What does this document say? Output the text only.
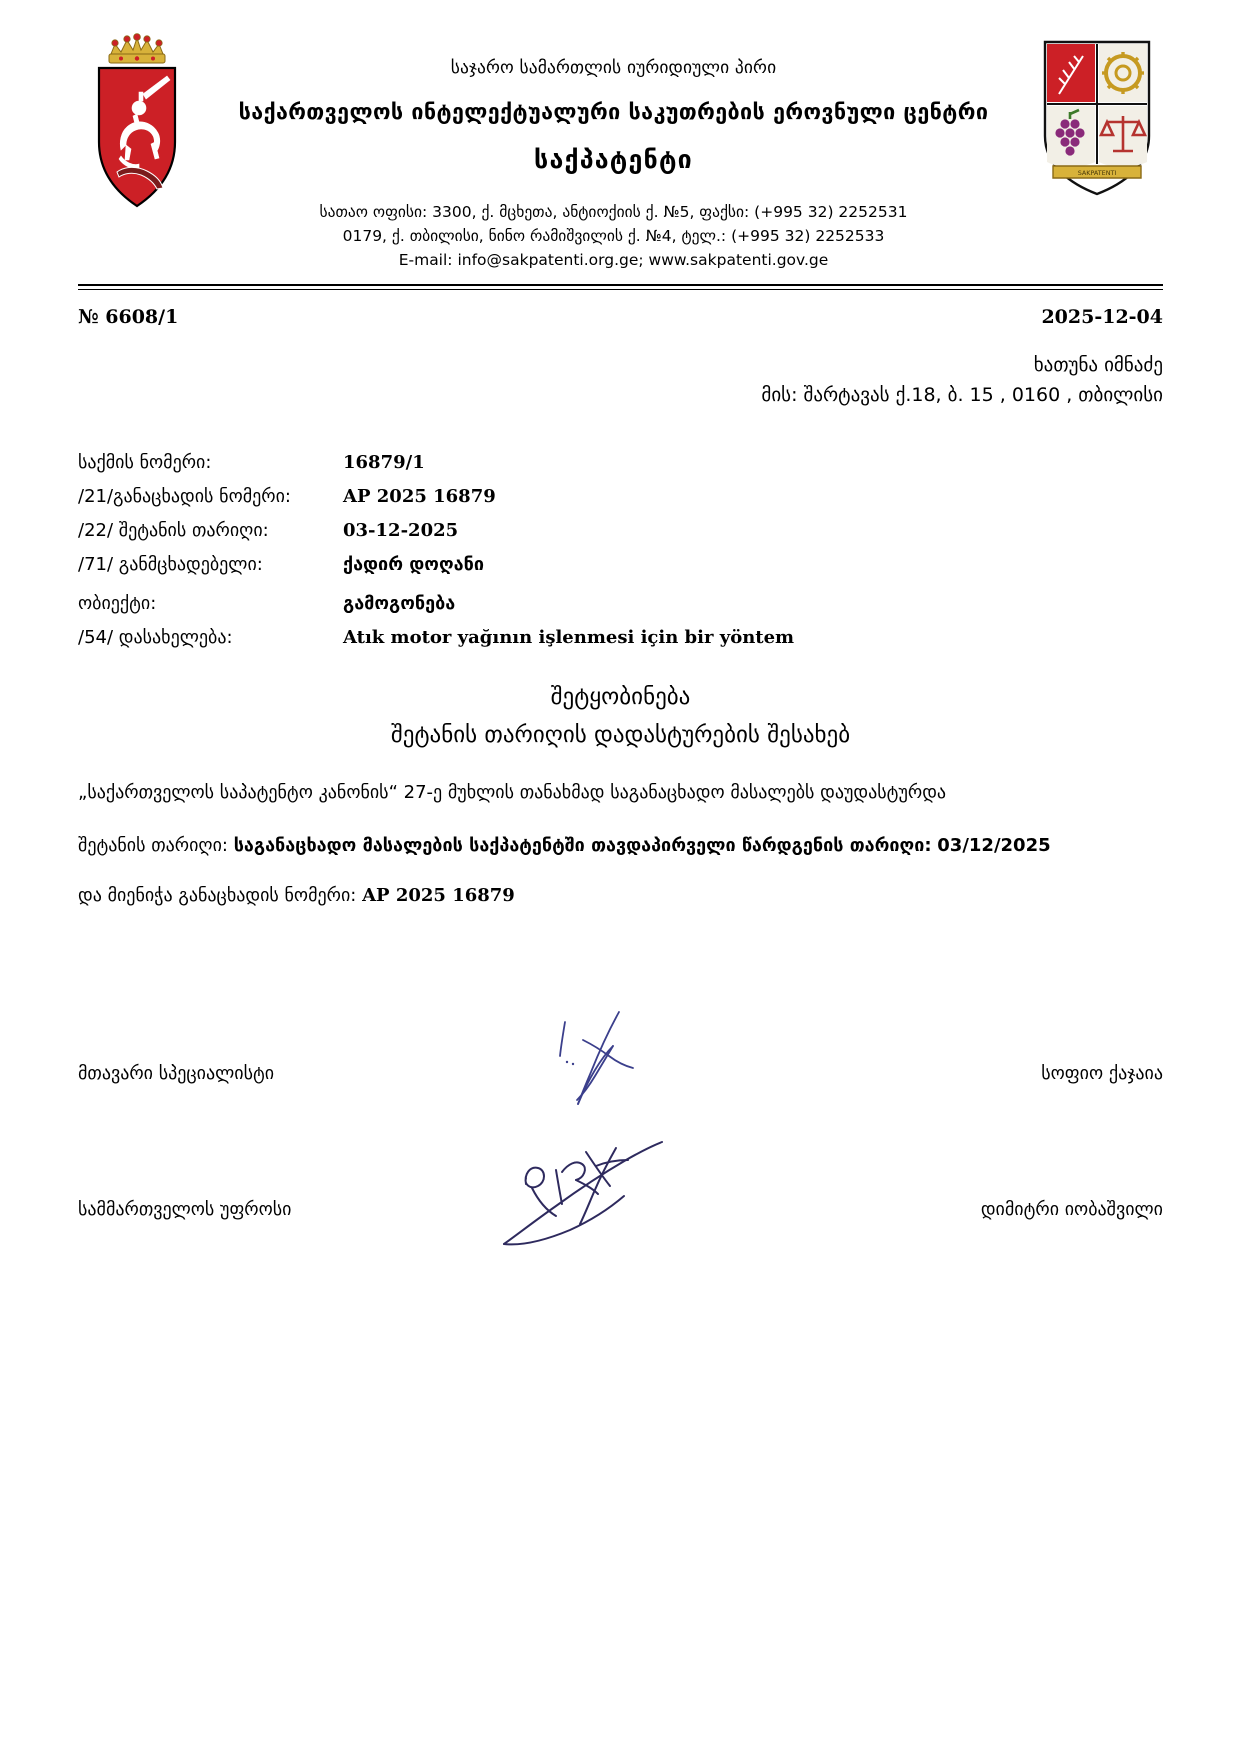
საჯარო სამართლის იურიდიული პირი
საქართველოს ინტელექტუალური საკუთრების ეროვნული ცენტრი
საქპატენტი
სათაო ოფისი: 3300, ქ. მცხეთა, ანტიოქიის ქ. №5, ფაქსი: (+995 32) 2252531
0179, ქ. თბილისი, ნინო რამიშვილის ქ. №4, ტელ.: (+995 32) 2252533
E-mail: info@sakpatenti.org.ge; www.sakpatenti.gov.ge
SAKPATENTI
№ 6608/1	2025-12-04
ხათუნა იმნაძე
მის: შარტავას ქ.18, ბ. 15 , 0160 , თბილისი
საქმის ნომერი:	16879/1
/21/განაცხადის ნომერი:	AP 2025 16879
/22/ შეტანის თარიღი:	03-12-2025
/71/ განმცხადებელი:	ქადირ დოღანი
ობიექტი:	გამოგონება
/54/ დასახელება:	Atık motor yağının işlenmesi için bir yöntem
შეტყობინება
შეტანის თარიღის დადასტურების შესახებ
„საქართველოს საპატენტო კანონის“ 27-ე მუხლის თანახმად საგანაცხადო მასალებს დაუდასტურდა
შეტანის თარიღი: საგანაცხადო მასალების საქპატენტში თავდაპირველი წარდგენის თარიღი: 03/12/2025
და მიენიჭა განაცხადის ნომერი: AP 2025 16879
მთავარი სპეციალისტი	სოფიო ქაჯაია
სამმართველოს უფროსი	დიმიტრი იობაშვილი
